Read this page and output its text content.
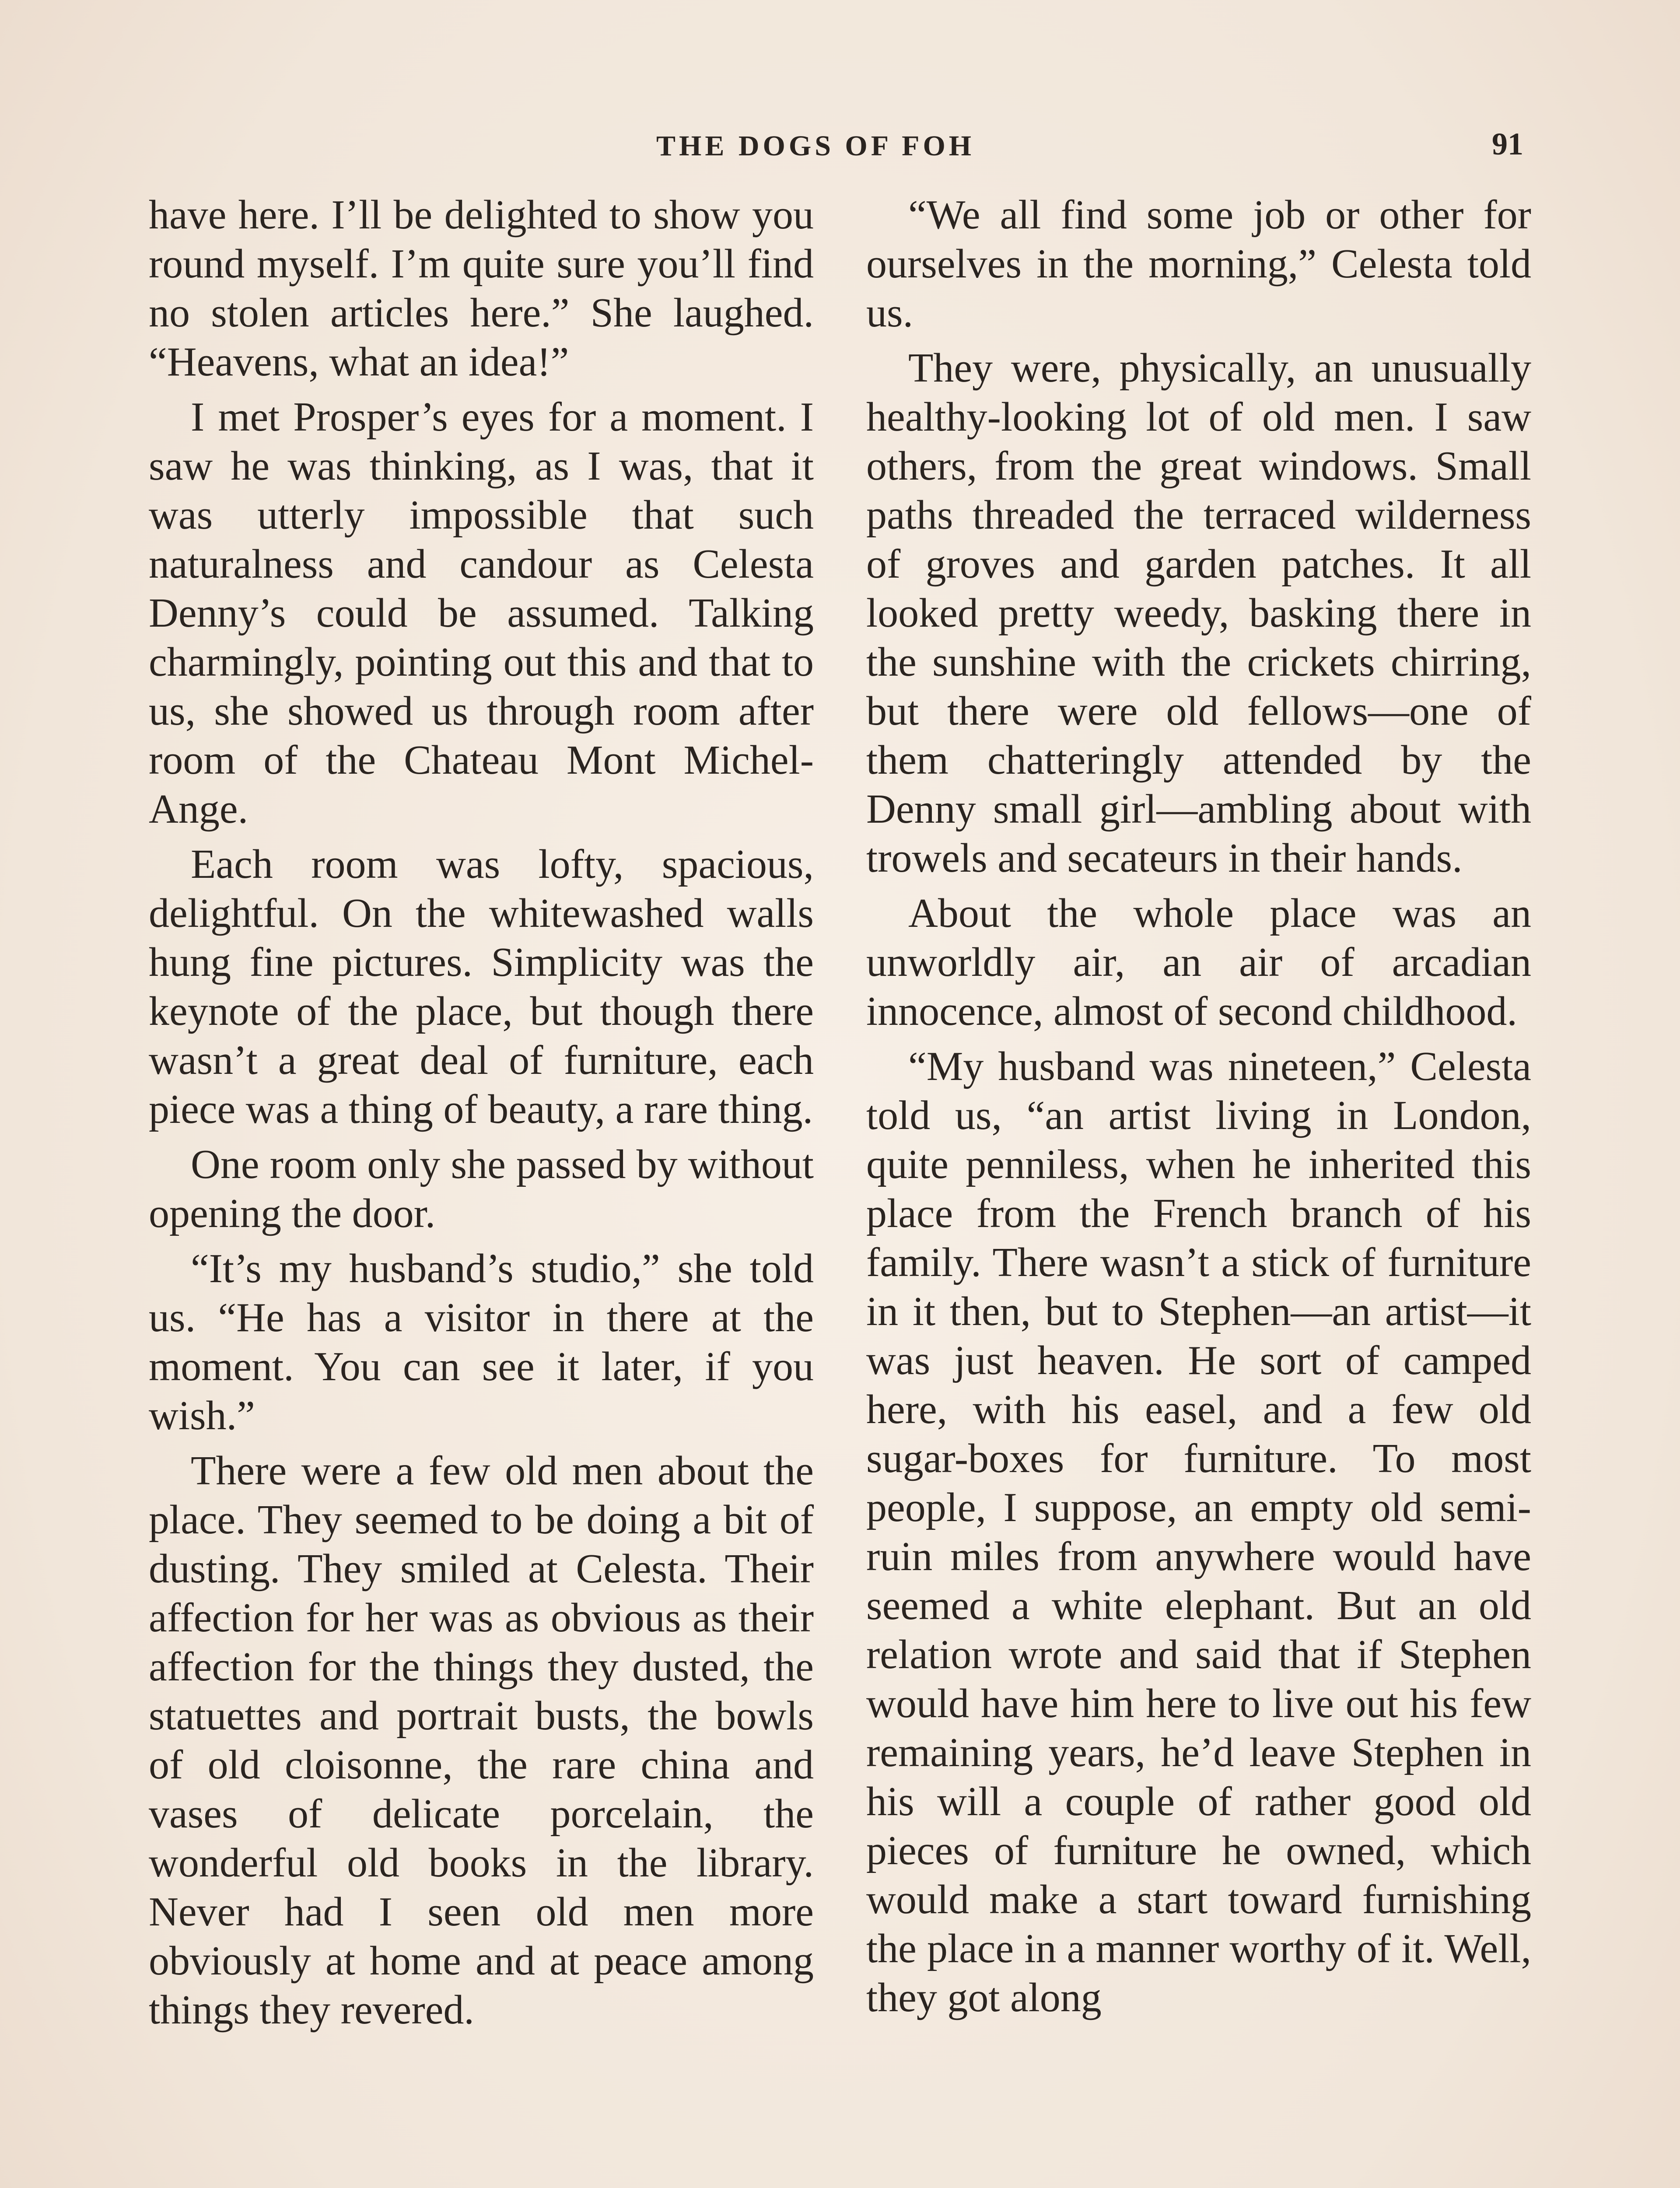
THE DOGS OF FOH	91

have here. I’ll be delighted to show you round myself. I’m quite sure you’ll find no stolen articles here.” She laughed. “Heavens, what an idea!”

I met Prosper’s eyes for a moment. I saw he was thinking, as I was, that it was utterly impossible that such naturalness and candour as Celesta Denny’s could be assumed. Talking charmingly, pointing out this and that to us, she showed us through room after room of the Chateau Mont Michel-Ange.

Each room was lofty, spacious, delightful. On the whitewashed walls hung fine pictures. Simplicity was the keynote of the place, but though there wasn’t a great deal of furniture, each piece was a thing of beauty, a rare thing.

One room only she passed by without opening the door.

“It’s my husband’s studio,” she told us. “He has a visitor in there at the moment. You can see it later, if you wish.”

There were a few old men about the place. They seemed to be doing a bit of dusting. They smiled at Celesta. Their affection for her was as obvious as their affection for the things they dusted, the statuettes and portrait busts, the bowls of old cloisonne, the rare china and vases of delicate porcelain, the wonderful old books in the library. Never had I seen old men more obviously at home and at peace among things they revered.

“We all find some job or other for ourselves in the morning,” Celesta told us.

They were, physically, an unusually healthy-looking lot of old men. I saw others, from the great windows. Small paths threaded the terraced wilderness of groves and garden patches. It all looked pretty weedy, basking there in the sunshine with the crickets chirring, but there were old fellows—one of them chatteringly attended by the Denny small girl—ambling about with trowels and secateurs in their hands.

About the whole place was an unworldly air, an air of arcadian innocence, almost of second childhood.

“My husband was nineteen,” Celesta told us, “an artist living in London, quite penniless, when he inherited this place from the French branch of his family. There wasn’t a stick of furniture in it then, but to Stephen—an artist—it was just heaven. He sort of camped here, with his easel, and a few old sugar-boxes for furniture. To most people, I suppose, an empty old semi-ruin miles from anywhere would have seemed a white elephant. But an old relation wrote and said that if Stephen would have him here to live out his few remaining years, he’d leave Stephen in his will a couple of rather good old pieces of furniture he owned, which would make a start toward furnishing the place in a manner worthy of it. Well, they got along
